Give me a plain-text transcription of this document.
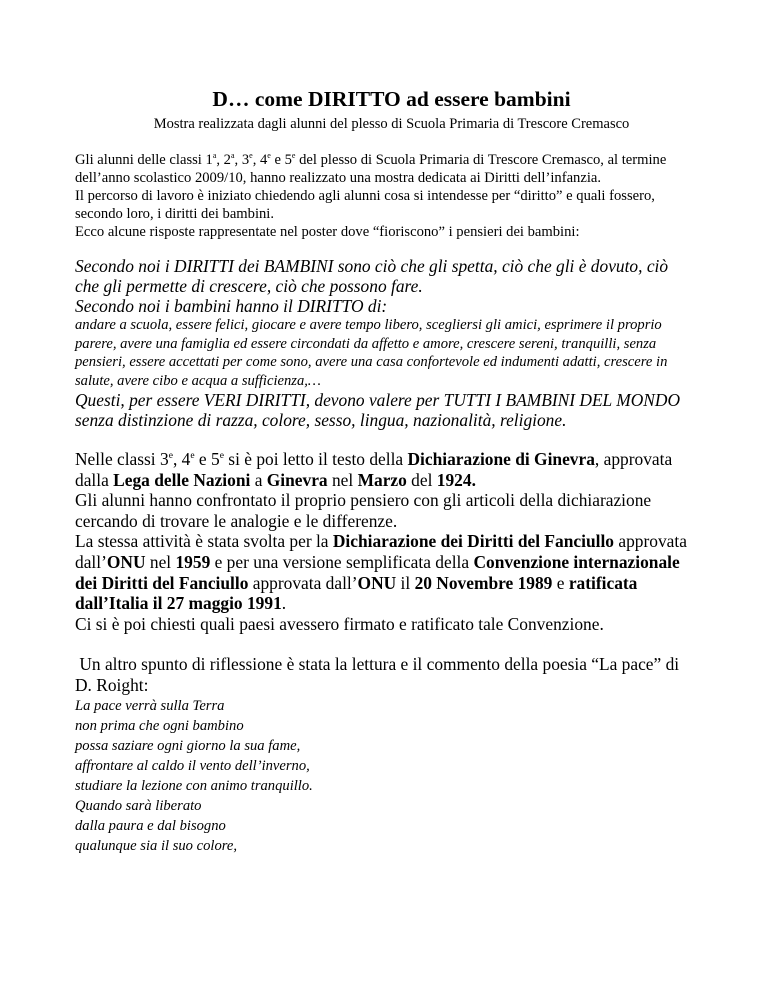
D… come DIRITTO ad essere bambini
Mostra realizzata dagli alunni del plesso di Scuola Primaria di Trescore Cremasco

Gli alunni delle classi 1$^a$, 2$^a$, 3e, 4e e 5e del plesso di Scuola Primaria di Trescore Cremasco, al termine dell’anno scolastico 2009/10, hanno realizzato una mostra dedicata ai Diritti dell’infanzia.

Il percorso di lavoro è iniziato chiedendo agli alunni cosa si intendesse per “diritto” e quali fossero, secondo loro, i diritti dei bambini.

Ecco alcune risposte rappresentate nel poster dove “fioriscono” i pensieri dei bambini:

Secondo noi i DIRITTI dei BAMBINI sono ciò che gli spetta, ciò che gli è dovuto, ciò che gli permette di crescere, ciò che possono fare.

Secondo noi i bambini hanno il DIRITTO di:

andare a scuola, essere felici, giocare e avere tempo libero, scegliersi gli amici, esprimere il proprio parere, avere una famiglia ed essere circondati da affetto e amore, crescere sereni, tranquilli, senza pensieri, essere accettati per come sono, avere una casa confortevole ed indumenti adatti, crescere in salute, avere cibo e acqua a sufficienza,…

Questi, per essere VERI DIRITTI, devono valere per TUTTI I BAMBINI DEL MONDO senza distinzione di razza, colore, sesso, lingua, nazionalità, religione.

Nelle classi 3e, 4e e 5e si è poi letto il testo della Dichiarazione di Ginevra, approvata dalla Lega delle Nazioni a Ginevra nel Marzo del 1924.

Gli alunni hanno confrontato il proprio pensiero con gli articoli della dichiarazione cercando di trovare le analogie e le differenze.

La stessa attività è stata svolta per la Dichiarazione dei Diritti del Fanciullo approvata dall’ONU nel 1959 e per una versione semplificata della Convenzione internazionale dei Diritti del Fanciullo approvata dall’ONU il 20 Novembre 1989 e ratificata dall’Italia il 27 maggio 1991.

Ci si è poi chiesti quali paesi avessero firmato e ratificato tale Convenzione.

Un altro spunto di riflessione è stata la lettura e il commento della poesia “La pace” di D. Roight:

La pace verrà sulla Terra
non prima che ogni bambino
possa saziare ogni giorno la sua fame,
affrontare al caldo il vento dell’inverno,
studiare la lezione con animo tranquillo.
Quando sarà liberato
dalla paura e dal bisogno
qualunque sia il suo colore,
